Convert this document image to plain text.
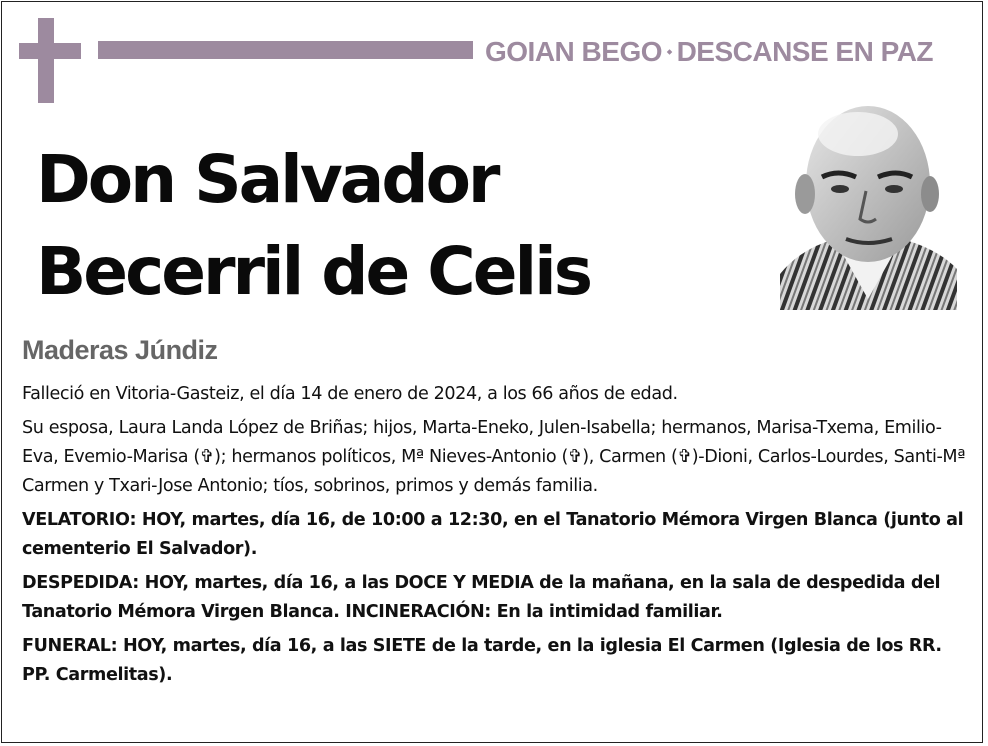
GOIAN BEGO ⬩ DESCANSE EN PAZ
Don Salvador
Becerril de Celis
Maderas Júndiz

Falleció en Vitoria-Gasteiz, el día 14 de enero de 2024, a los 66 años de edad.

Su esposa, Laura Landa López de Briñas; hijos, Marta-Eneko, Julen-Isabella; hermanos, Marisa-Txema, Emilio-Eva, Evemio-Marisa (✞); hermanos políticos, Mª Nieves-Antonio (✞), Carmen (✞)-Dioni, Carlos-Lourdes, Santi-Mª Carmen y Txari-Jose Antonio; tíos, sobrinos, primos y demás familia.

VELATORIO: HOY, martes, día 16, de 10:00 a 12:30, en el Tanatorio Mémora Virgen Blanca (junto al cementerio El Salvador).

DESPEDIDA: HOY, martes, día 16, a las DOCE Y MEDIA de la mañana, en la sala de despedida del Tanatorio Mémora Virgen Blanca. INCINERACIÓN: En la intimidad familiar.

FUNERAL: HOY, martes, día 16, a las SIETE de la tarde, en la iglesia El Carmen (Iglesia de los RR. PP. Carmelitas).
